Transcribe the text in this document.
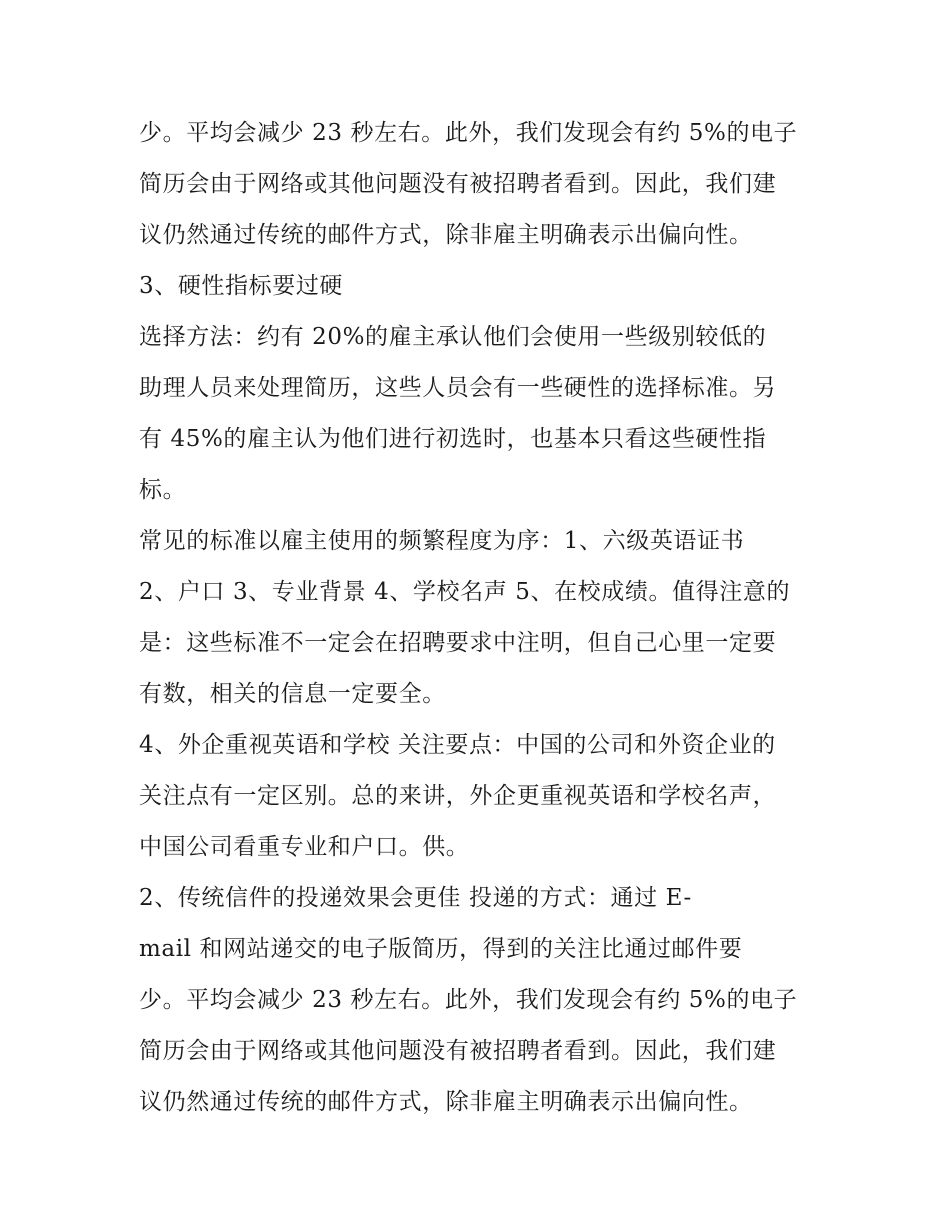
少。平均会减少 23 秒左右。此外，我们发现会有约 5%的电子
简历会由于网络或其他问题没有被招聘者看到。因此，我们建
议仍然通过传统的邮件方式，除非雇主明确表示出偏向性。
3、硬性指标要过硬
选择方法：约有 20%的雇主承认他们会使用一些级别较低的
助理人员来处理简历，这些人员会有一些硬性的选择标准。另
有 45%的雇主认为他们进行初选时，也基本只看这些硬性指
标。
常见的标准以雇主使用的频繁程度为序：1、六级英语证书
2、户口 3、专业背景 4、学校名声 5、在校成绩。值得注意的
是：这些标准不一定会在招聘要求中注明，但自己心里一定要
有数，相关的信息一定要全。
4、外企重视英语和学校 关注要点：中国的公司和外资企业的
关注点有一定区别。总的来讲，外企更重视英语和学校名声，
中国公司看重专业和户口。供。
2、传统信件的投递效果会更佳 投递的方式：通过 E-
mail 和网站递交的电子版简历，得到的关注比通过邮件要
少。平均会减少 23 秒左右。此外，我们发现会有约 5%的电子
简历会由于网络或其他问题没有被招聘者看到。因此，我们建
议仍然通过传统的邮件方式，除非雇主明确表示出偏向性。
